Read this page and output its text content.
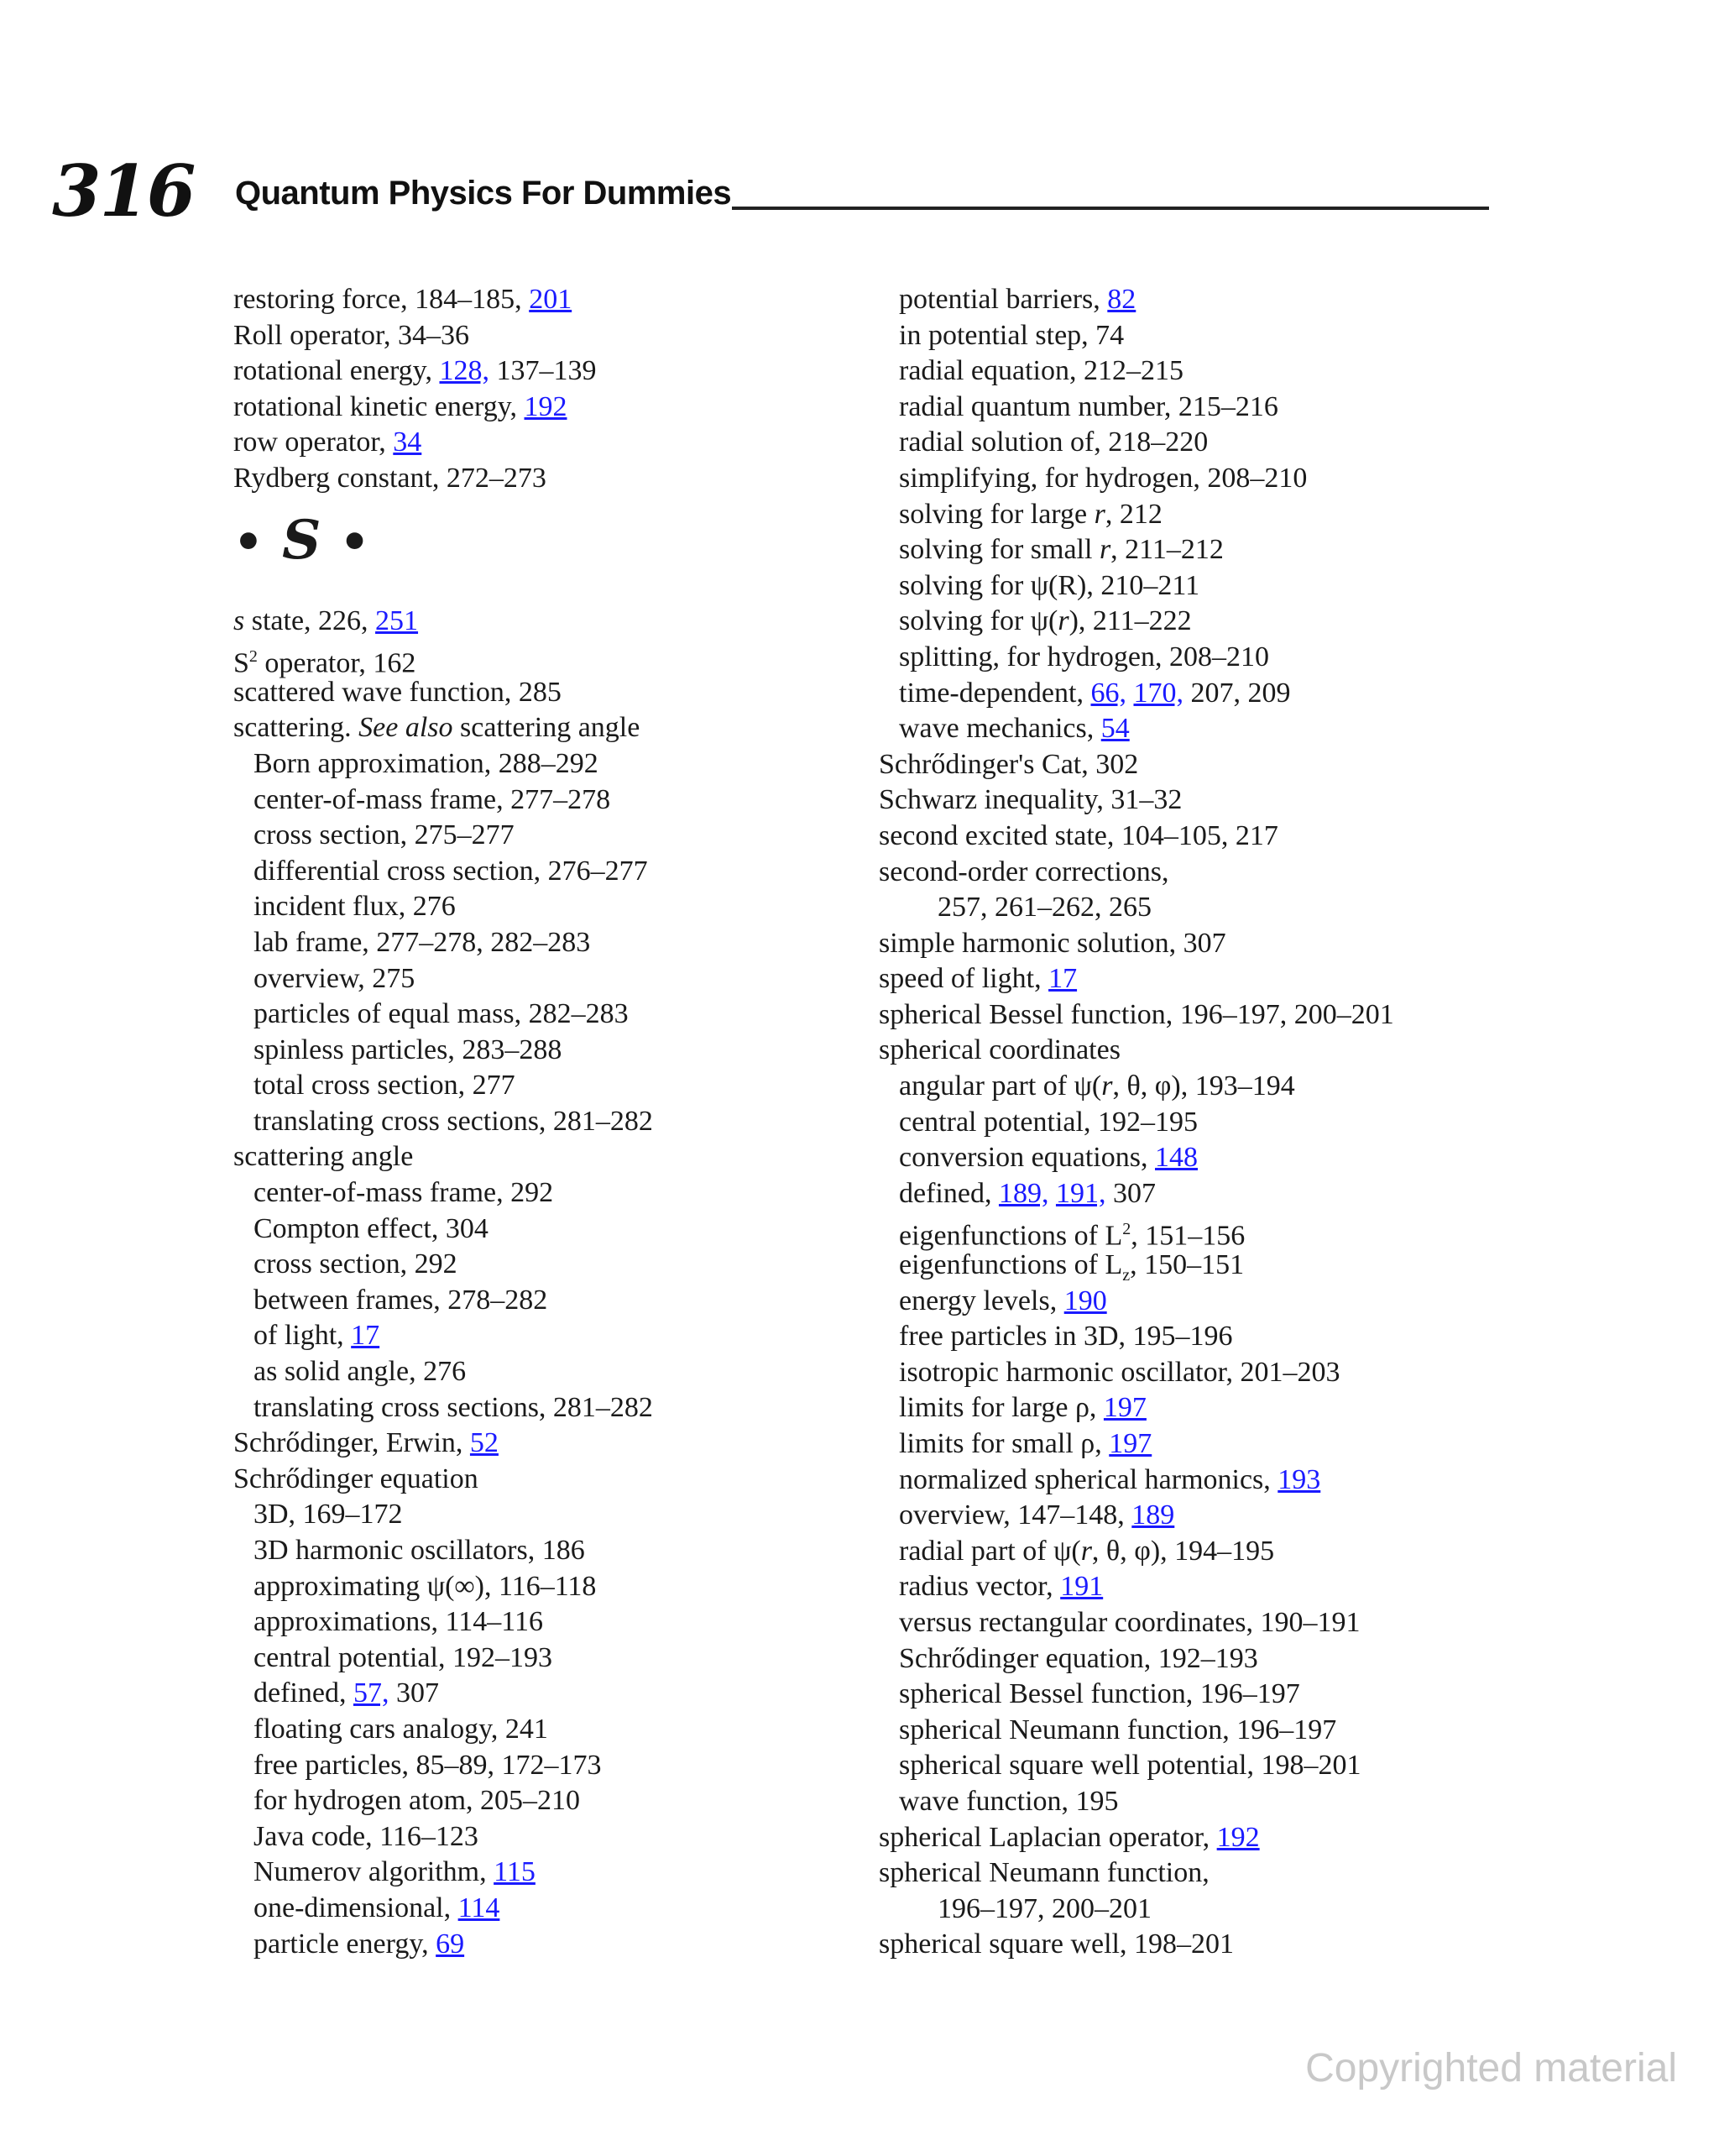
316 Quantum Physics For Dummies
restoring force, 184–185, 201
Roll operator, 34–36
rotational energy, 128, 137–139
rotational kinetic energy, 192
row operator, 34
Rydberg constant, 272–273
• S •
s state, 226, 251
$S^2$ operator, 162
scattered wave function, 285
scattering. See also scattering angle
Born approximation, 288–292
center-of-mass frame, 277–278
cross section, 275–277
differential cross section, 276–277
incident flux, 276
lab frame, 277–278, 282–283
overview, 275
particles of equal mass, 282–283
spinless particles, 283–288
total cross section, 277
translating cross sections, 281–282
scattering angle
center-of-mass frame, 292
Compton effect, 304
cross section, 292
between frames, 278–282
of light, 17
as solid angle, 276
translating cross sections, 281–282
Schrődinger, Erwin, 52
Schrődinger equation
3D, 169–172
3D harmonic oscillators, 186
approximating ψ(∞), 116–118
approximations, 114–116
central potential, 192–193
defined, 57, 307
floating cars analogy, 241
free particles, 85–89, 172–173
for hydrogen atom, 205–210
Java code, 116–123
Numerov algorithm, 115
one-dimensional, 114
particle energy, 69
potential barriers, 82
in potential step, 74
radial equation, 212–215
radial quantum number, 215–216
radial solution of, 218–220
simplifying, for hydrogen, 208–210
solving for large r, 212
solving for small r, 211–212
solving for ψ(R), 210–211
solving for ψ(r), 211–222
splitting, for hydrogen, 208–210
time-dependent, 66, 170, 207, 209
wave mechanics, 54
Schrődinger's Cat, 302
Schwarz inequality, 31–32
second excited state, 104–105, 217
second-order corrections,
257, 261–262, 265
simple harmonic solution, 307
speed of light, 17
spherical Bessel function, 196–197, 200–201
spherical coordinates
angular part of ψ(r, θ, φ), 193–194
central potential, 192–195
conversion equations, 148
defined, 189, 191, 307
eigenfunctions of $L^2$, 151–156
eigenfunctions of $L_z$, 150–151
energy levels, 190
free particles in 3D, 195–196
isotropic harmonic oscillator, 201–203
limits for large ρ, 197
limits for small ρ, 197
normalized spherical harmonics, 193
overview, 147–148, 189
radial part of ψ(r, θ, φ), 194–195
radius vector, 191
versus rectangular coordinates, 190–191
Schrődinger equation, 192–193
spherical Bessel function, 196–197
spherical Neumann function, 196–197
spherical square well potential, 198–201
wave function, 195
spherical Laplacian operator, 192
spherical Neumann function,
196–197, 200–201
spherical square well, 198–201
Copyrighted material
